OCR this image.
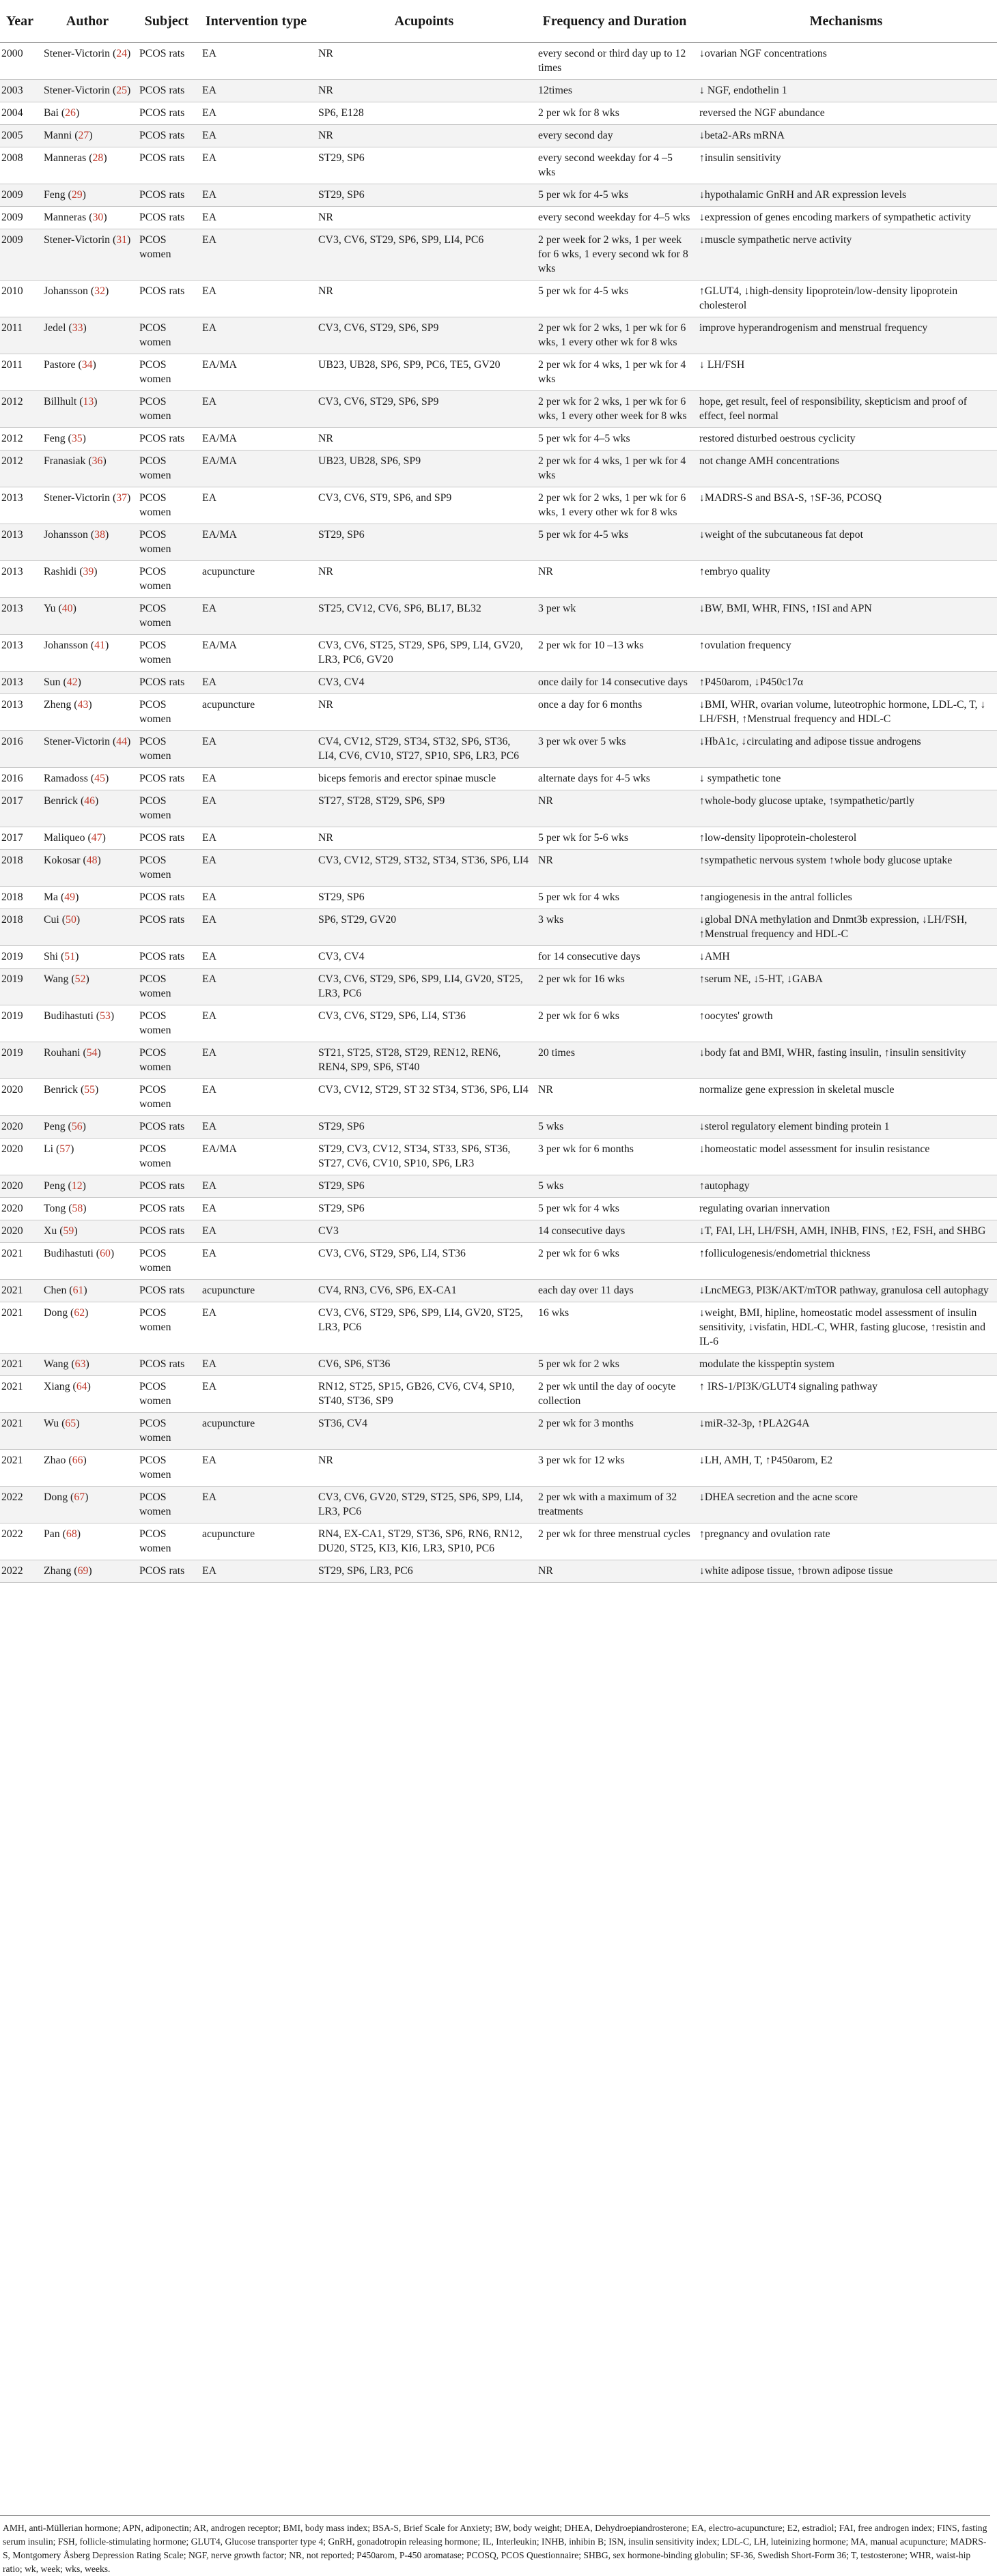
Year	Author	Subject	Intervention type	Acupoints	Frequency and Duration	Mechanisms
2000	Stener-Victorin (24)	PCOS rats	EA	NR	every second or third day up to 12 times	↓ovarian NGF concentrations
2003	Stener-Victorin (25)	PCOS rats	EA	NR	12times	↓ NGF, endothelin 1
2004	Bai (26)	PCOS rats	EA	SP6, E128	2 per wk for 8 wks	reversed the NGF abundance
2005	Manni (27)	PCOS rats	EA	NR	every second day	↓beta2-ARs mRNA
2008	Manneras (28)	PCOS rats	EA	ST29, SP6	every second weekday for 4 –5 wks	↑insulin sensitivity
2009	Feng (29)	PCOS rats	EA	ST29, SP6	5 per wk for 4-5 wks	↓hypothalamic GnRH and AR expression levels
2009	Manneras (30)	PCOS rats	EA	NR	every second weekday for 4–5 wks	↓expression of genes encoding markers of sympathetic activity
2009	Stener-Victorin (31)	PCOS women	EA	CV3, CV6, ST29, SP6, SP9, LI4, PC6	2 per week for 2 wks, 1 per week for 6 wks, 1 every second wk for 8 wks	↓muscle sympathetic nerve activity
2010	Johansson (32)	PCOS rats	EA	NR	5 per wk for 4-5 wks	↑GLUT4, ↓high-density lipoprotein/low-density lipoprotein cholesterol
2011	Jedel (33)	PCOS women	EA	CV3, CV6, ST29, SP6, SP9	2 per wk for 2 wks, 1 per wk for 6 wks, 1 every other wk for 8 wks	improve hyperandrogenism and menstrual frequency
2011	Pastore (34)	PCOS women	EA/MA	UB23, UB28, SP6, SP9, PC6, TE5, GV20	2 per wk for 4 wks, 1 per wk for 4 wks	↓ LH/FSH
2012	Billhult (13)	PCOS women	EA	CV3, CV6, ST29, SP6, SP9	2 per wk for 2 wks, 1 per wk for 6 wks, 1 every other week for 8 wks	hope, get result, feel of responsibility, skepticism and proof of effect, feel normal
2012	Feng (35)	PCOS rats	EA/MA	NR	5 per wk for 4–5 wks	restored disturbed oestrous cyclicity
2012	Franasiak (36)	PCOS women	EA/MA	UB23, UB28, SP6, SP9	2 per wk for 4 wks, 1 per wk for 4 wks	not change AMH concentrations
2013	Stener-Victorin (37)	PCOS women	EA	CV3, CV6, ST9, SP6, and SP9	2 per wk for 2 wks, 1 per wk for 6 wks, 1 every other wk for 8 wks	↓MADRS-S and BSA-S, ↑SF-36, PCOSQ
2013	Johansson (38)	PCOS women	EA/MA	ST29, SP6	5 per wk for 4-5 wks	↓weight of the subcutaneous fat depot
2013	Rashidi (39)	PCOS women	acupuncture	NR	NR	↑embryo quality
2013	Yu (40)	PCOS women	EA	ST25, CV12, CV6, SP6, BL17, BL32	3 per wk	↓BW, BMI, WHR, FINS, ↑ISI and APN
2013	Johansson (41)	PCOS women	EA/MA	CV3, CV6, ST25, ST29, SP6, SP9, LI4, GV20, LR3, PC6, GV20	2 per wk for 10 –13 wks	↑ovulation frequency
2013	Sun (42)	PCOS rats	EA	CV3, CV4	once daily for 14 consecutive days	↑P450arom, ↓P450c17α
2013	Zheng (43)	PCOS women	acupuncture	NR	once a day for 6 months	↓BMI, WHR, ovarian volume, luteotrophic hormone, LDL-C, T, ↓ LH/FSH, ↑Menstrual frequency and HDL-C
2016	Stener-Victorin (44)	PCOS women	EA	CV4, CV12, ST29, ST34, ST32, SP6, ST36, LI4, CV6, CV10, ST27, SP10, SP6, LR3, PC6	3 per wk over 5 wks	↓HbA1c, ↓circulating and adipose tissue androgens
2016	Ramadoss (45)	PCOS rats	EA	biceps femoris and erector spinae muscle	alternate days for 4-5 wks	↓ sympathetic tone
2017	Benrick (46)	PCOS women	EA	ST27, ST28, ST29, SP6, SP9	NR	↑whole-body glucose uptake, ↑sympathetic/partly
2017	Maliqueo (47)	PCOS rats	EA	NR	5 per wk for 5-6 wks	↑low-density lipoprotein-cholesterol
2018	Kokosar (48)	PCOS women	EA	CV3, CV12, ST29, ST32, ST34, ST36, SP6, LI4	NR	↑sympathetic nervous system ↑whole body glucose uptake
2018	Ma (49)	PCOS rats	EA	ST29, SP6	5 per wk for 4 wks	↑angiogenesis in the antral follicles
2018	Cui (50)	PCOS rats	EA	SP6, ST29, GV20	3 wks	↓global DNA methylation and Dnmt3b expression, ↓LH/FSH, ↑Menstrual frequency and HDL-C
2019	Shi (51)	PCOS rats	EA	CV3, CV4	for 14 consecutive days	↓AMH
2019	Wang (52)	PCOS women	EA	CV3, CV6, ST29, SP6, SP9, LI4, GV20, ST25, LR3, PC6	2 per wk for 16 wks	↑serum NE, ↓5-HT, ↓GABA
2019	Budihastuti (53)	PCOS women	EA	CV3, CV6, ST29, SP6, LI4, ST36	2 per wk for 6 wks	↑oocytes' growth
2019	Rouhani (54)	PCOS women	EA	ST21, ST25, ST28, ST29, REN12, REN6, REN4, SP9, SP6, ST40	20 times	↓body fat and BMI, WHR, fasting insulin, ↑insulin sensitivity
2020	Benrick (55)	PCOS women	EA	CV3, CV12, ST29, ST 32 ST34, ST36, SP6, LI4	NR	normalize gene expression in skeletal muscle
2020	Peng (56)	PCOS rats	EA	ST29, SP6	5 wks	↓sterol regulatory element binding protein 1
2020	Li (57)	PCOS women	EA/MA	ST29, CV3, CV12, ST34, ST33, SP6, ST36, ST27, CV6, CV10, SP10, SP6, LR3	3 per wk for 6 months	↓homeostatic model assessment for insulin resistance
2020	Peng (12)	PCOS rats	EA	ST29, SP6	5 wks	↑autophagy
2020	Tong (58)	PCOS rats	EA	ST29, SP6	5 per wk for 4 wks	regulating ovarian innervation
2020	Xu (59)	PCOS rats	EA	CV3	14 consecutive days	↓T, FAI, LH, LH/FSH, AMH, INHB, FINS, ↑E2, FSH, and SHBG
2021	Budihastuti (60)	PCOS women	EA	CV3, CV6, ST29, SP6, LI4, ST36	2 per wk for 6 wks	↑folliculogenesis/endometrial thickness
2021	Chen (61)	PCOS rats	acupuncture	CV4, RN3, CV6, SP6, EX-CA1	each day over 11 days	↓LncMEG3, PI3K/AKT/mTOR pathway, granulosa cell autophagy
2021	Dong (62)	PCOS women	EA	CV3, CV6, ST29, SP6, SP9, LI4, GV20, ST25, LR3, PC6	16 wks	↓weight, BMI, hipline, homeostatic model assessment of insulin sensitivity, ↓visfatin, HDL-C, WHR, fasting glucose, ↑resistin and IL-6
2021	Wang (63)	PCOS rats	EA	CV6, SP6, ST36	5 per wk for 2 wks	modulate the kisspeptin system
2021	Xiang (64)	PCOS women	EA	RN12, ST25, SP15, GB26, CV6, CV4, SP10, ST40, ST36, SP9	2 per wk until the day of oocyte collection	↑ IRS-1/PI3K/GLUT4 signaling pathway
2021	Wu (65)	PCOS women	acupuncture	ST36, CV4	2 per wk for 3 months	↓miR-32-3p, ↑PLA2G4A
2021	Zhao (66)	PCOS women	EA	NR	3 per wk for 12 wks	↓LH, AMH, T, ↑P450arom, E2
2022	Dong (67)	PCOS women	EA	CV3, CV6, GV20, ST29, ST25, SP6, SP9, LI4, LR3, PC6	2 per wk with a maximum of 32 treatments	↓DHEA secretion and the acne score
2022	Pan (68)	PCOS women	acupuncture	RN4, EX-CA1, ST29, ST36, SP6, RN6, RN12, DU20, ST25, KI3, KI6, LR3, SP10, PC6	2 per wk for three menstrual cycles	↑pregnancy and ovulation rate
2022	Zhang (69)	PCOS rats	EA	ST29, SP6, LR3, PC6	NR	↓white adipose tissue, ↑brown adipose tissue
AMH, anti-Müllerian hormone; APN, adiponectin; AR, androgen receptor; BMI, body mass index; BSA-S, Brief Scale for Anxiety; BW, body weight; DHEA, Dehydroepiandrosterone; EA, electro-acupuncture; E2, estradiol; FAI, free androgen index; FINS, fasting serum insulin; FSH, follicle-stimulating hormone; GLUT4, Glucose transporter type 4; GnRH, gonadotropin releasing hormone; IL, Interleukin; INHB, inhibin B; ISN, insulin sensitivity index; LDL-C, LH, luteinizing hormone; MA, manual acupuncture; MADRS-S, Montgomery Åsberg Depression Rating Scale; NGF, nerve growth factor; NR, not reported; P450arom, P-450 aromatase; PCOSQ, PCOS Questionnaire; SHBG, sex hormone-binding globulin; SF-36, Swedish Short-Form 36; T, testosterone; WHR, waist-hip ratio; wk, week; wks, weeks.
